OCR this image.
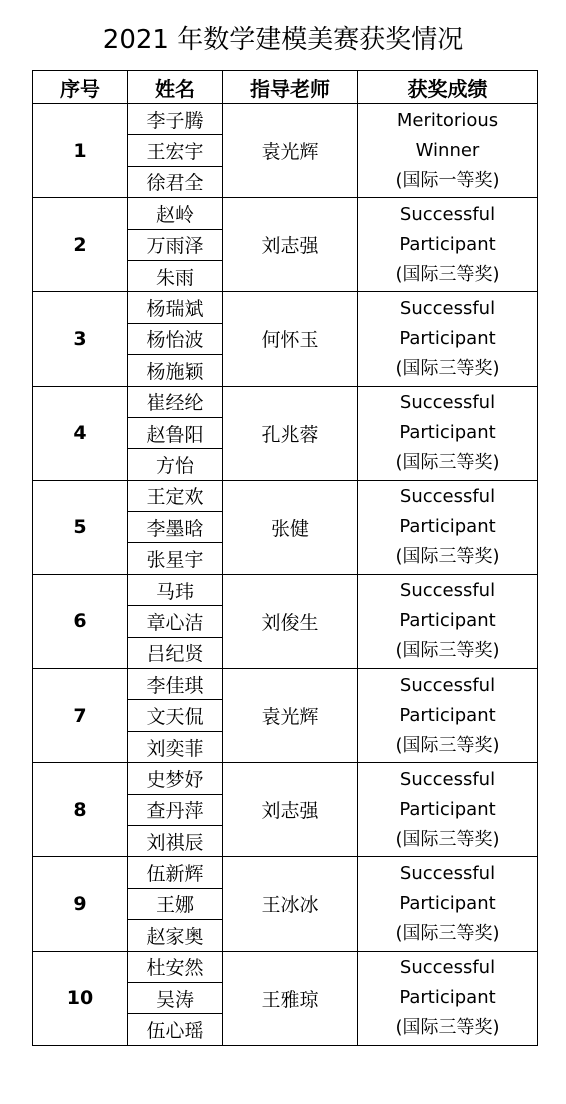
2021 年数学建模美赛获奖情况
序号	姓名	指导老师	获奖成绩
1	李子腾	袁光辉	Meritorious
Winner
(国际一等奖)

	王宏宇		
	徐君全		
2	赵岭	刘志强	Successful
Participant
(国际三等奖)

	万雨泽		
	朱雨		
3	杨瑞斌	何怀玉	Successful
Participant
(国际三等奖)

	杨怡波		
	杨施颖		
4	崔经纶	孔兆蓉	Successful
Participant
(国际三等奖)

	赵鲁阳		
	方怡		
5	王定欢	张健	Successful
Participant
(国际三等奖)

	李墨晗		
	张星宇		
6	马玮	刘俊生	Successful
Participant
(国际三等奖)

	章心洁		
	吕纪贤		
7	李佳琪	袁光辉	Successful
Participant
(国际三等奖)

	文天侃		
	刘奕菲		
8	史梦妤	刘志强	Successful
Participant
(国际三等奖)

	查丹萍		
	刘祺辰		
9	伍新辉	王冰冰	Successful
Participant
(国际三等奖)

	王娜		
	赵家奥		
10	杜安然	王雅琼	Successful
Participant
(国际三等奖)

	吴涛		
	伍心瑶		
